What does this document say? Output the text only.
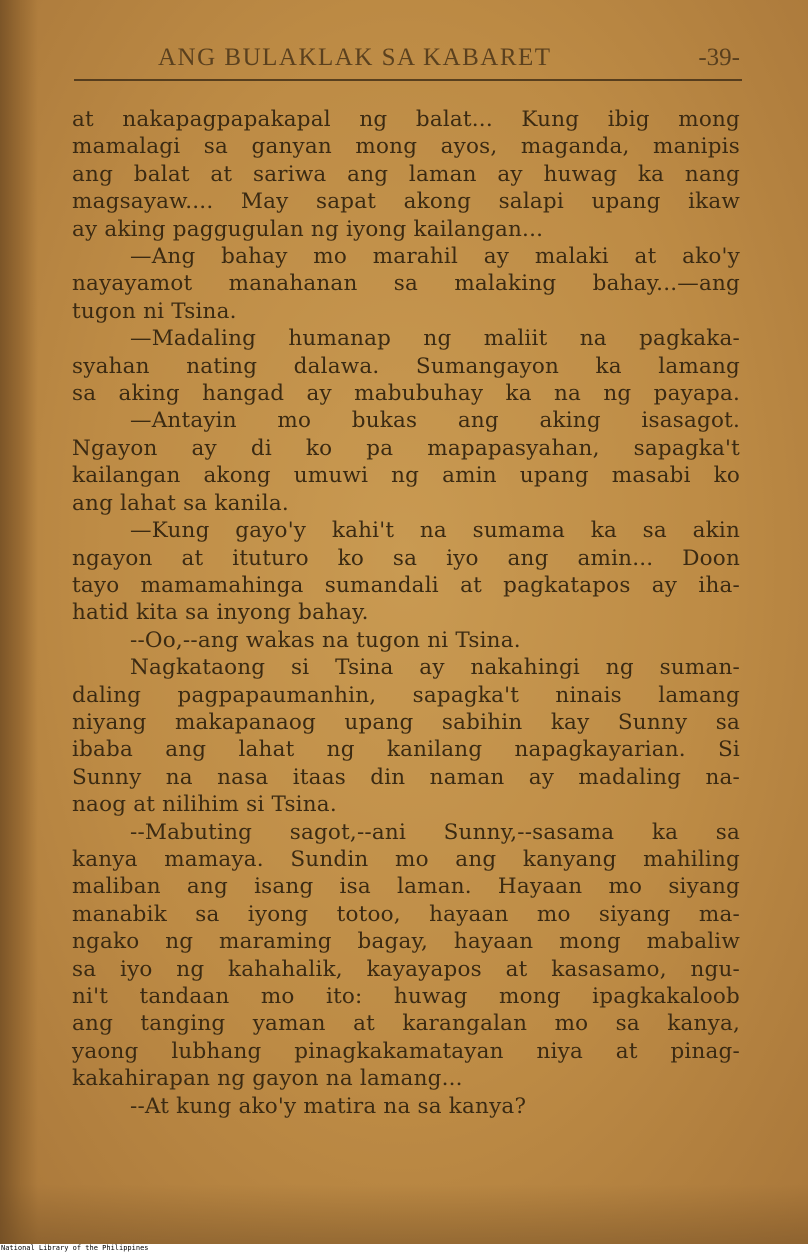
ANG BULAKLAK SA KABARET	-39-
at nakapagpapakapal ng balat... Kung ibig mong
mamalagi sa ganyan mong ayos, maganda, manipis
ang balat at sariwa ang laman ay huwag ka nang
magsayaw.... May sapat akong salapi upang ikaw
ay aking paggugulan ng iyong kailangan...
—Ang bahay mo marahil ay malaki at ako'y
nayayamot manahanan sa malaking bahay...—ang
tugon ni Tsina.
—Madaling humanap ng maliit na pagkaka-
syahan nating dalawa. Sumangayon ka lamang
sa aking hangad ay mabubuhay ka na ng payapa.
—Antayin mo bukas ang aking isasagot.
Ngayon ay di ko pa mapapasyahan, sapagka't
kailangan akong umuwi ng amin upang masabi ko
ang lahat sa kanila.
—Kung gayo'y kahi't na sumama ka sa akin
ngayon at ituturo ko sa iyo ang amin... Doon
tayo mamamahinga sumandali at pagkatapos ay iha-
hatid kita sa inyong bahay.
--Oo,--ang wakas na tugon ni Tsina.
Nagkataong si Tsina ay nakahingi ng suman-
daling pagpapaumanhin, sapagka't ninais lamang
niyang makapanaog upang sabihin kay Sunny sa
ibaba ang lahat ng kanilang napagkayarian. Si
Sunny na nasa itaas din naman ay madaling na-
naog at nilihim si Tsina.
--Mabuting sagot,--ani Sunny,--sasama ka sa
kanya mamaya. Sundin mo ang kanyang mahiling
maliban ang isang isa laman. Hayaan mo siyang
manabik sa iyong totoo, hayaan mo siyang ma-
ngako ng maraming bagay, hayaan mong mabaliw
sa iyo ng kahahalik, kayayapos at kasasamo, ngu-
ni't tandaan mo ito: huwag mong ipagkakaloob
ang tanging yaman at karangalan mo sa kanya,
yaong lubhang pinagkakamatayan niya at pinag-
kakahirapan ng gayon na lamang...
--At kung ako'y matira na sa kanya?
National Library of the Philippines
